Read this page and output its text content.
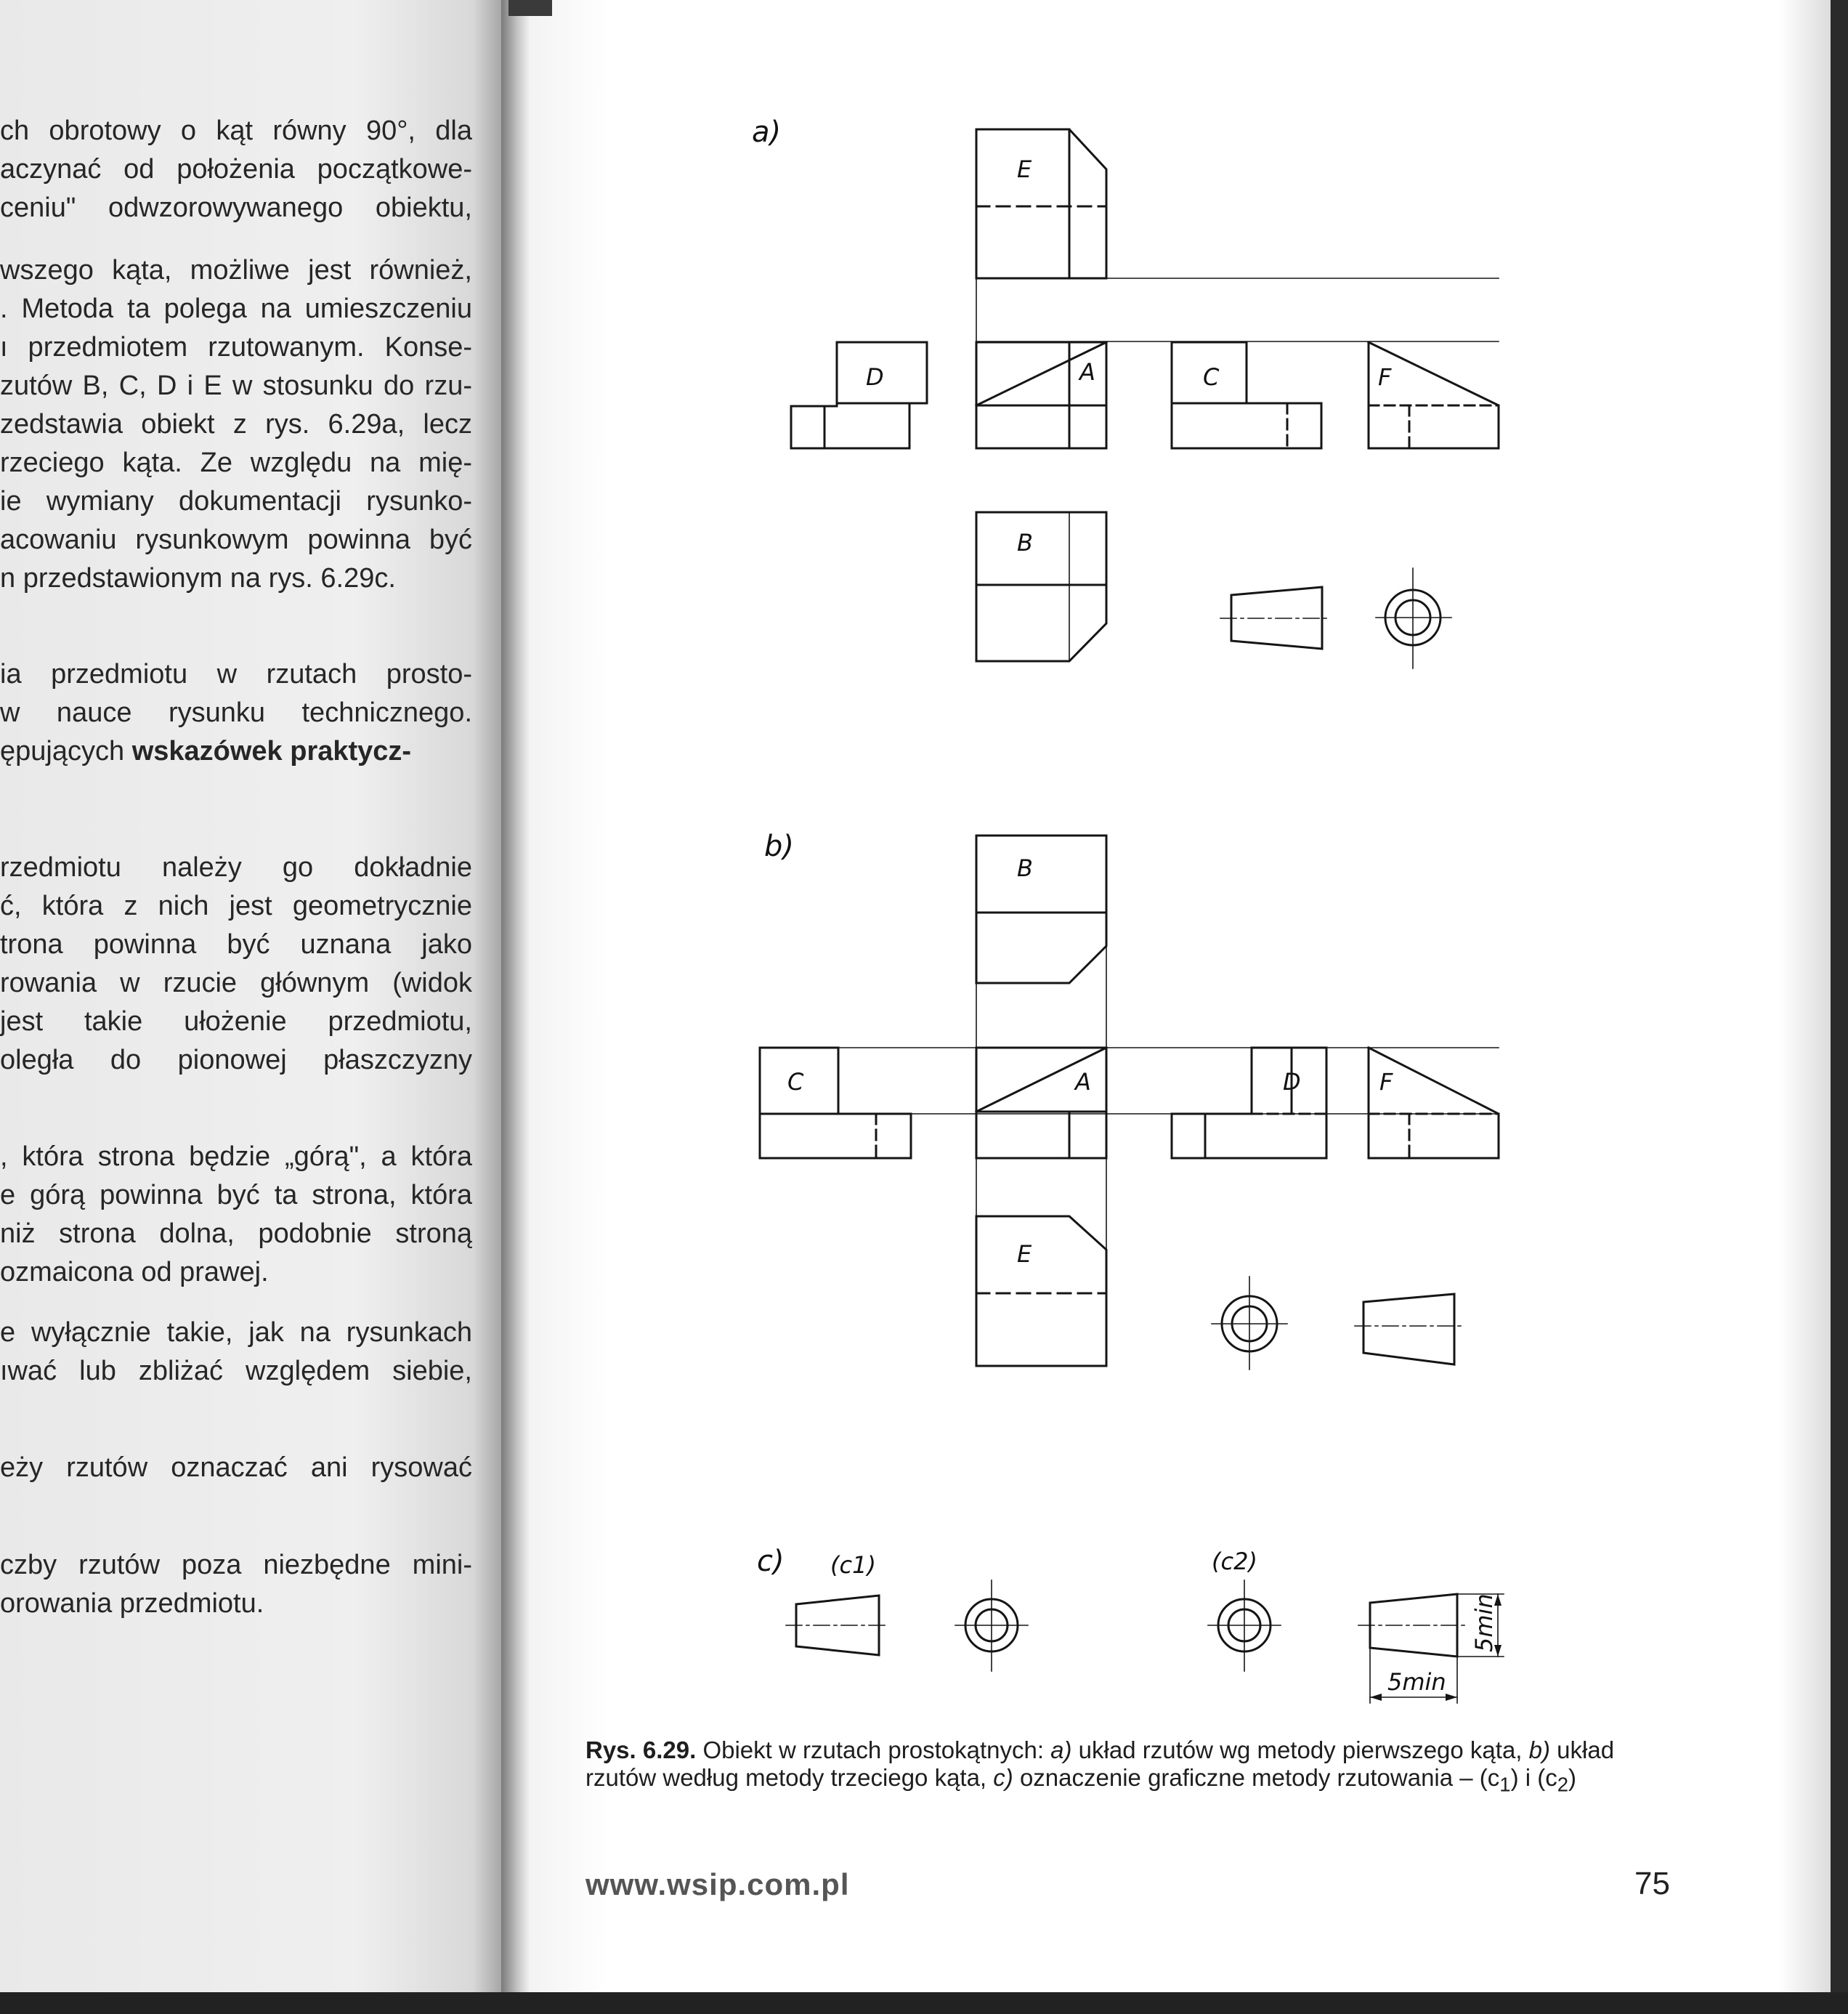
ch obrotowy o kąt równy 90°, dla

aczynać od położenia początkowe-

ceniu" odwzorowywanego obiektu,

wszego kąta, możliwe jest również,

. Metoda ta polega na umieszczeniu

ı przedmiotem rzutowanym. Konse-

zutów B, C, D i E w stosunku do rzu-

zedstawia obiekt z rys. 6.29a, lecz

rzeciego kąta. Ze względu na mię-

ie wymiany dokumentacji rysunko-

acowaniu rysunkowym powinna być

n przedstawionym na rys. 6.29c.

ia przedmiotu w rzutach prosto-

w nauce rysunku technicznego.

ępujących wskazówek praktycz-

rzedmiotu należy go dokładnie

ć, która z nich jest geometrycznie

trona powinna być uznana jako

rowania w rzucie głównym (widok

jest takie ułożenie przedmiotu,

oległa do pionowej płaszczyzny

, która strona będzie „górą", a która

e górą powinna być ta strona, która

niż strona dolna, podobnie stroną

ozmaicona od prawej.

e wyłącznie takie, jak na rysunkach

ıwać lub zbliżać względem siebie,

eży rzutów oznaczać ani rysować

czby rzutów poza niezbędne mini-

orowania przedmiotu.

a)
E
D	A	C	F
B
b)
B
C	A	D	F
E
c) (c1)	(c2)
5min
5min

Rys. 6.29. Obiekt w rzutach prostokątnych: a) układ rzutów wg metody pierwszego kąta, b) układ rzutów według metody trzeciego kąta, c) oznaczenie graficzne metody rzutowania – $(c_1)$ i $(c_2)$

www.wsip.com.pl	75
